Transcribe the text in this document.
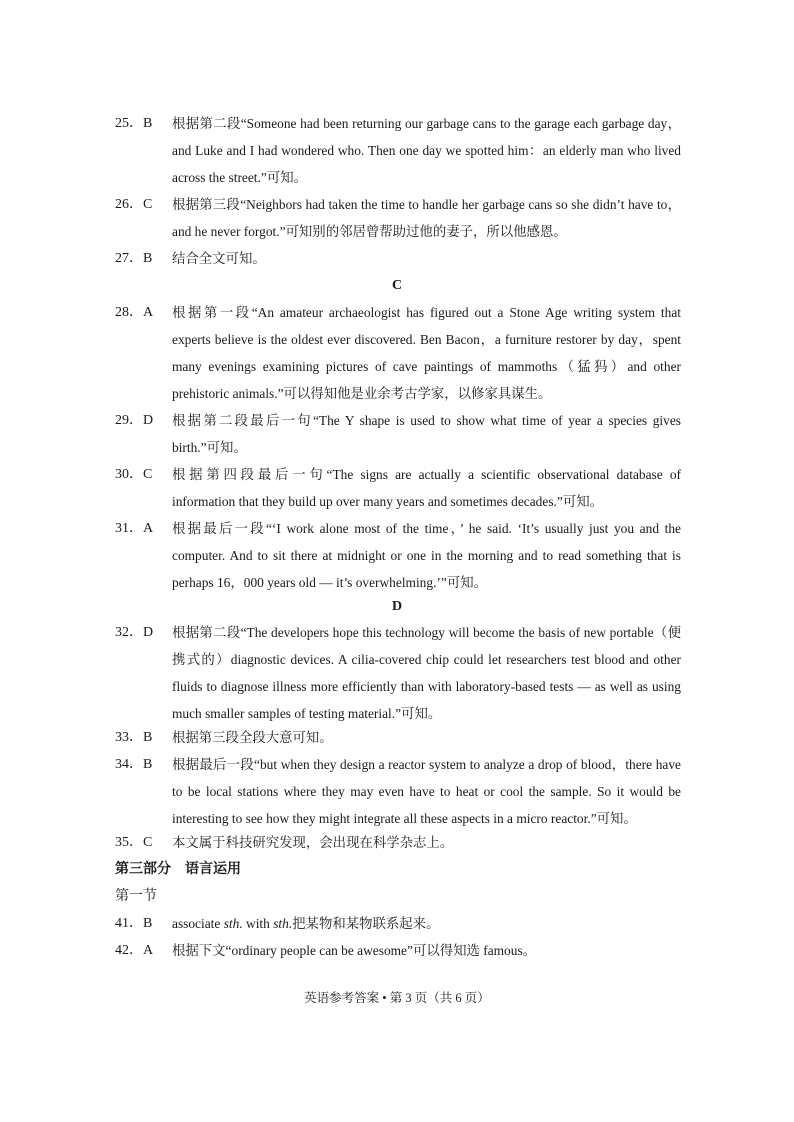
25．B 根据第二段“Someone had been returning our garbage cans to the garage each garbage day，and Luke and I had wondered who. Then one day we spotted him：an elderly man who lived across the street.”可知。
26．C 根据第三段“Neighbors had taken the time to handle her garbage cans so she didn’t have to，and he never forgot.”可知别的邻居曾帮助过他的妻子，所以他感恩。
27．B 结合全文可知。
C
28．A 根据第一段“An amateur archaeologist has figured out a Stone Age writing system that experts believe is the oldest ever discovered. Ben Bacon，a furniture restorer by day，spent many evenings examining pictures of cave paintings of mammoths（猛犸）and other prehistoric animals.”可以得知他是业余考古学家，以修家具谋生。
29．D 根据第二段最后一句“The Y shape is used to show what time of year a species gives birth.”可知。
30．C 根据第四段最后一句“The signs are actually a scientific observational database of information that they build up over many years and sometimes decades.”可知。
31．A 根据最后一段“‘I work alone most of the time，’ he said. ‘It’s usually just you and the computer. And to sit there at midnight or one in the morning and to read something that is perhaps 16，000 years old — it’s overwhelming.’”可知。
D
32．D 根据第二段“The developers hope this technology will become the basis of new portable（便携式的）diagnostic devices. A cilia-covered chip could let researchers test blood and other fluids to diagnose illness more efficiently than with laboratory-based tests — as well as using much smaller samples of testing material.”可知。
33．B 根据第三段全段大意可知。
34．B 根据最后一段“but when they design a reactor system to analyze a drop of blood，there have to be local stations where they may even have to heat or cool the sample. So it would be interesting to see how they might integrate all these aspects in a micro reactor.”可知。
35．C 本文属于科技研究发现，会出现在科学杂志上。
第三部分　语言运用
第一节
41．B associate sth. with sth.把某物和某物联系起来。
42．A 根据下文“ordinary people can be awesome”可以得知选 famous。
英语参考答案 • 第 3 页（共 6 页）
